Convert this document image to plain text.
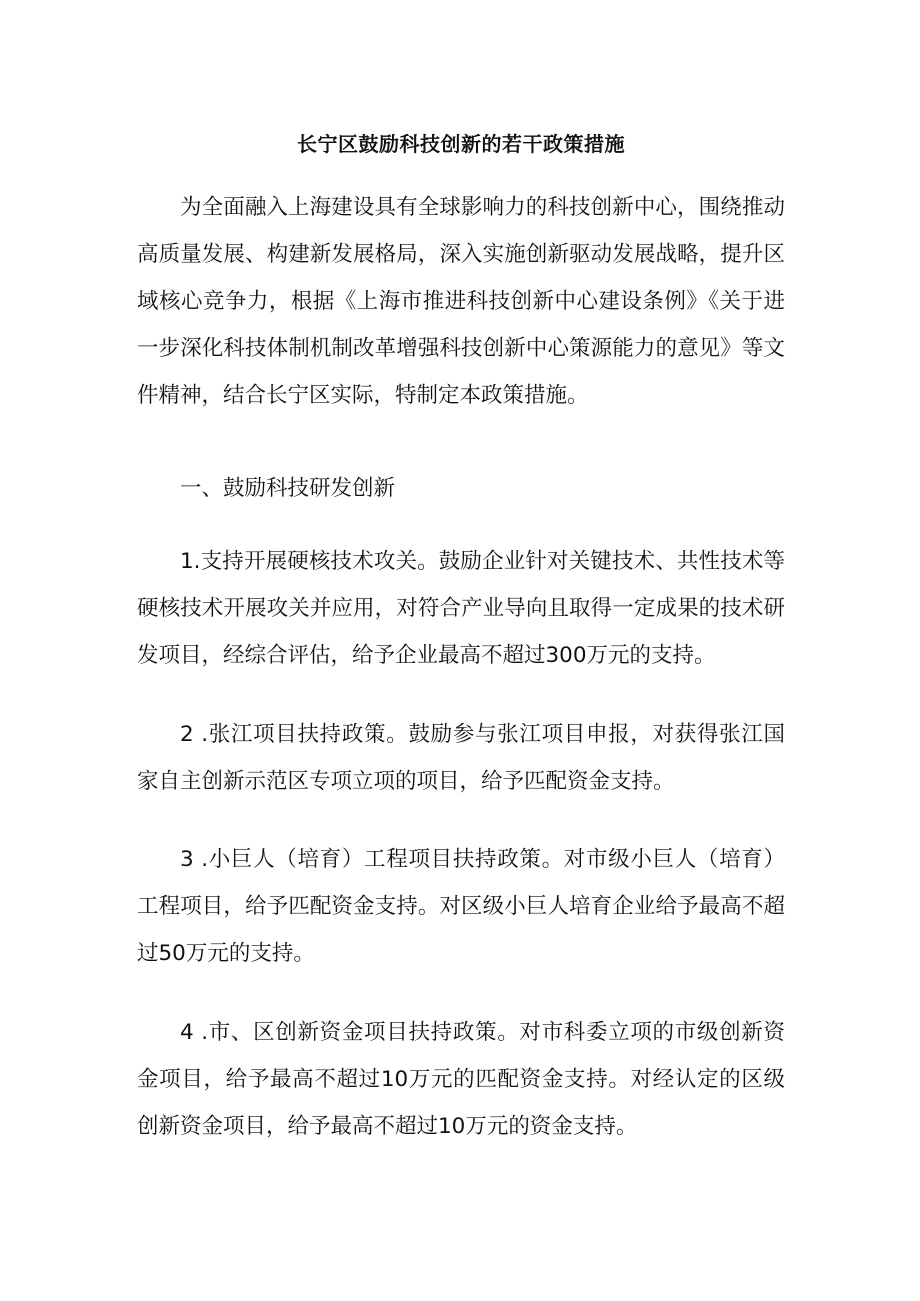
长宁区鼓励科技创新的若干政策措施

为全面融入上海建设具有全球影响力的科技创新中心，围绕推动高质量发展、构建新发展格局，深入实施创新驱动发展战略，提升区域核心竞争力，根据《上海市推进科技创新中心建设条例》《关于进一步深化科技体制机制改革增强科技创新中心策源能力的意见》等文件精神，结合长宁区实际，特制定本政策措施。

一、鼓励科技研发创新

1.支持开展硬核技术攻关。鼓励企业针对关键技术、共性技术等硬核技术开展攻关并应用，对符合产业导向且取得一定成果的技术研发项目，经综合评估，给予企业最高不超过300万元的支持。

2 .张江项目扶持政策。鼓励参与张江项目申报，对获得张江国家自主创新示范区专项立项的项目，给予匹配资金支持。

3 .小巨人（培育）工程项目扶持政策。对市级小巨人（培育）工程项目，给予匹配资金支持。对区级小巨人培育企业给予最高不超过50万元的支持。

4 .市、区创新资金项目扶持政策。对市科委立项的市级创新资金项目，给予最高不超过10万元的匹配资金支持。对经认定的区级创新资金项目，给予最高不超过10万元的资金支持。
